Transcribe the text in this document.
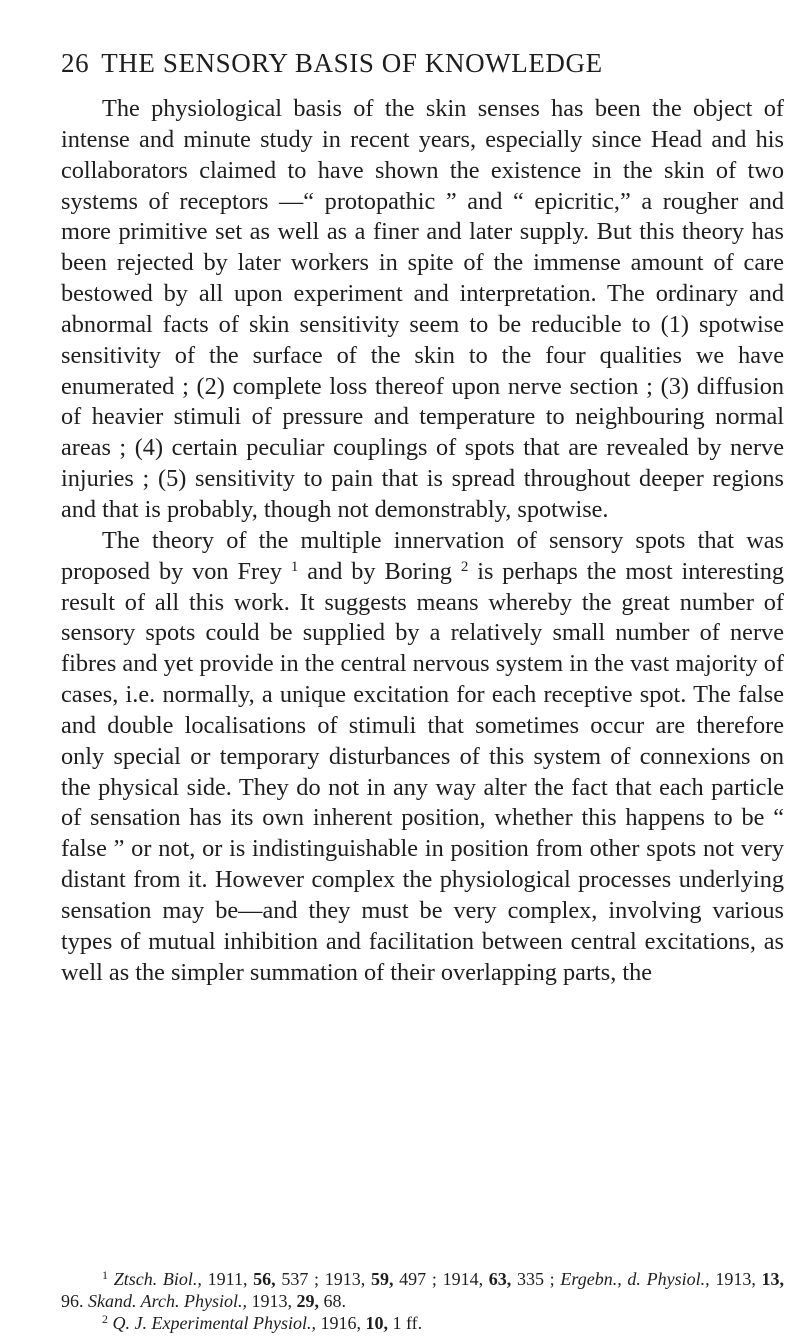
26 THE SENSORY BASIS OF KNOWLEDGE

The physiological basis of the skin senses has been the object of intense and minute study in recent years, especially since Head and his collaborators claimed to have shown the existence in the skin of two systems of receptors —“ protopathic ” and “ epicritic,” a rougher and more primitive set as well as a finer and later supply. But this theory has been rejected by later workers in spite of the immense amount of care bestowed by all upon experiment and interpretation. The ordinary and abnormal facts of skin sensitivity seem to be reducible to (1) spotwise sensitivity of the surface of the skin to the four qualities we have enumerated ; (2) complete loss thereof upon nerve section ; (3) diffusion of heavier stimuli of pressure and temperature to neighbouring normal areas ; (4) certain peculiar couplings of spots that are revealed by nerve injuries ; (5) sensitivity to pain that is spread throughout deeper regions and that is probably, though not demonstrably, spotwise.

The theory of the multiple innervation of sensory spots that was proposed by von Frey $^1$ and by Boring $^2$ is perhaps the most interesting result of all this work. It suggests means whereby the great number of sensory spots could be supplied by a relatively small number of nerve fibres and yet provide in the central nervous system in the vast majority of cases, i.e. normally, a unique excitation for each receptive spot. The false and double localisations of stimuli that sometimes occur are therefore only special or temporary disturbances of this system of connexions on the physical side. They do not in any way alter the fact that each particle of sensation has its own inherent position, whether this happens to be “ false ” or not, or is indistinguishable in position from other spots not very distant from it. However complex the physiological processes underlying sensation may be—and they must be very complex, involving various types of mutual inhibition and facilitation between central excitations, as well as the simpler summation of their overlapping parts, the

$^1$ Ztsch. Biol., 1911, 56, 537 ; 1913, 59, 497 ; 1914, 63, 335 ; Ergebn., d. Physiol., 1913, 13, 96. Skand. Arch. Physiol., 1913, 29, 68.

$^2$ Q. J. Experimental Physiol., 1916, 10, 1 ff.
